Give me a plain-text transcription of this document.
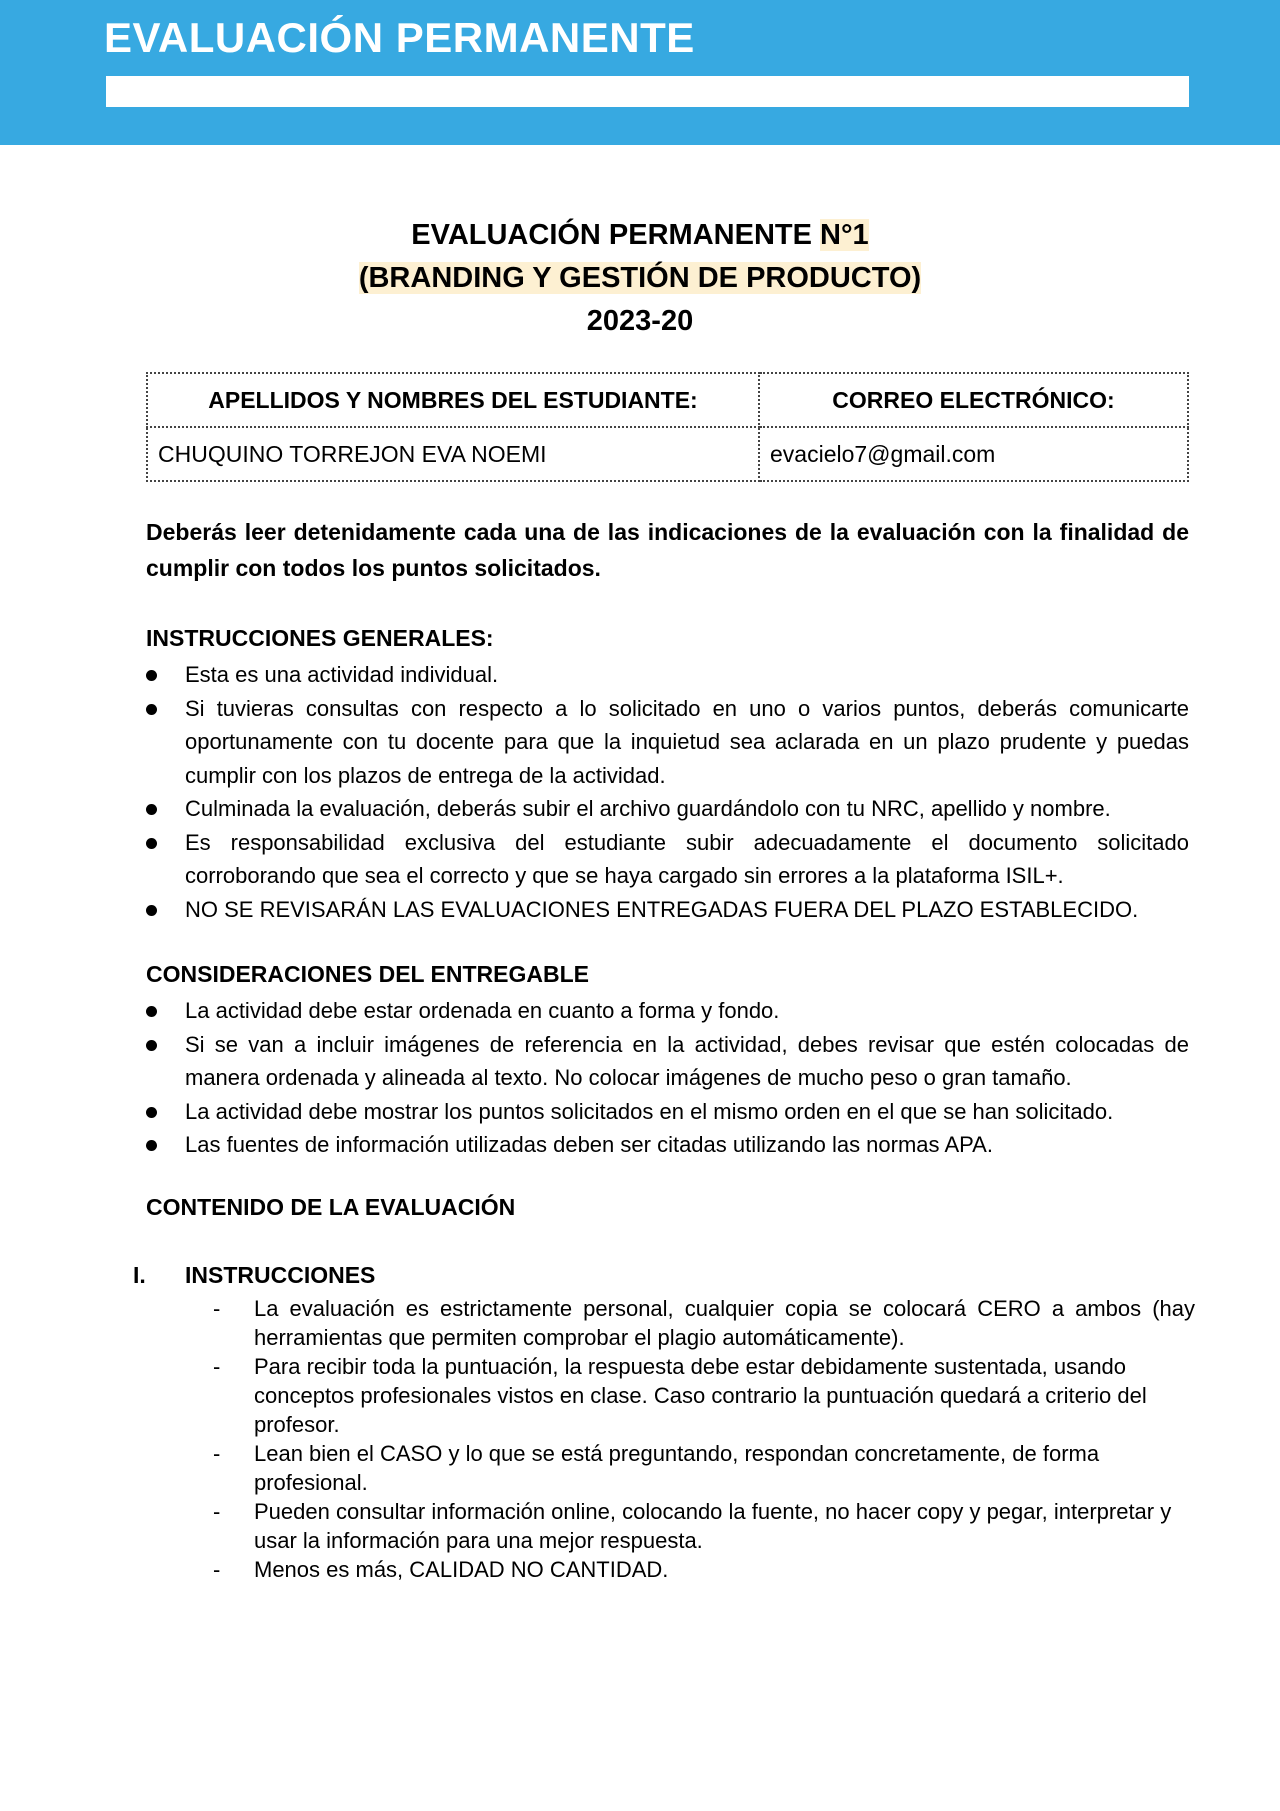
EVALUACIÓN PERMANENTE
EVALUACIÓN PERMANENTE N°1
(BRANDING Y GESTIÓN DE PRODUCTO)
2023-20
APELLIDOS Y NOMBRES DEL ESTUDIANTE:	CORREO ELECTRÓNICO:
CHUQUINO TORREJON EVA NOEMI	evacielo7@gmail.com
Deberás leer detenidamente cada una de las indicaciones de la evaluación con la finalidad de cumplir con todos los puntos solicitados.
INSTRUCCIONES GENERALES:
Esta es una actividad individual.
Si tuvieras consultas con respecto a lo solicitado en uno o varios puntos, deberás comunicarte oportunamente con tu docente para que la inquietud sea aclarada en un plazo prudente y puedas cumplir con los plazos de entrega de la actividad.
Culminada la evaluación, deberás subir el archivo guardándolo con tu NRC, apellido y nombre.
Es responsabilidad exclusiva del estudiante subir adecuadamente el documento solicitado corroborando que sea el correcto y que se haya cargado sin errores a la plataforma ISIL+.
NO SE REVISARÁN LAS EVALUACIONES ENTREGADAS FUERA DEL PLAZO ESTABLECIDO.
CONSIDERACIONES DEL ENTREGABLE
La actividad debe estar ordenada en cuanto a forma y fondo.
Si se van a incluir imágenes de referencia en la actividad, debes revisar que estén colocadas de manera ordenada y alineada al texto. No colocar imágenes de mucho peso o gran tamaño.
La actividad debe mostrar los puntos solicitados en el mismo orden en el que se han solicitado.
Las fuentes de información utilizadas deben ser citadas utilizando las normas APA.
CONTENIDO DE LA EVALUACIÓN
I. INSTRUCCIONES
- La evaluación es estrictamente personal, cualquier copia se colocará CERO a ambos (hay herramientas que permiten comprobar el plagio automáticamente).
- Para recibir toda la puntuación, la respuesta debe estar debidamente sustentada, usando conceptos profesionales vistos en clase. Caso contrario la puntuación quedará a criterio del profesor.
- Lean bien el CASO y lo que se está preguntando, respondan concretamente, de forma profesional.
- Pueden consultar información online, colocando la fuente, no hacer copy y pegar, interpretar y usar la información para una mejor respuesta.
- Menos es más, CALIDAD NO CANTIDAD.
